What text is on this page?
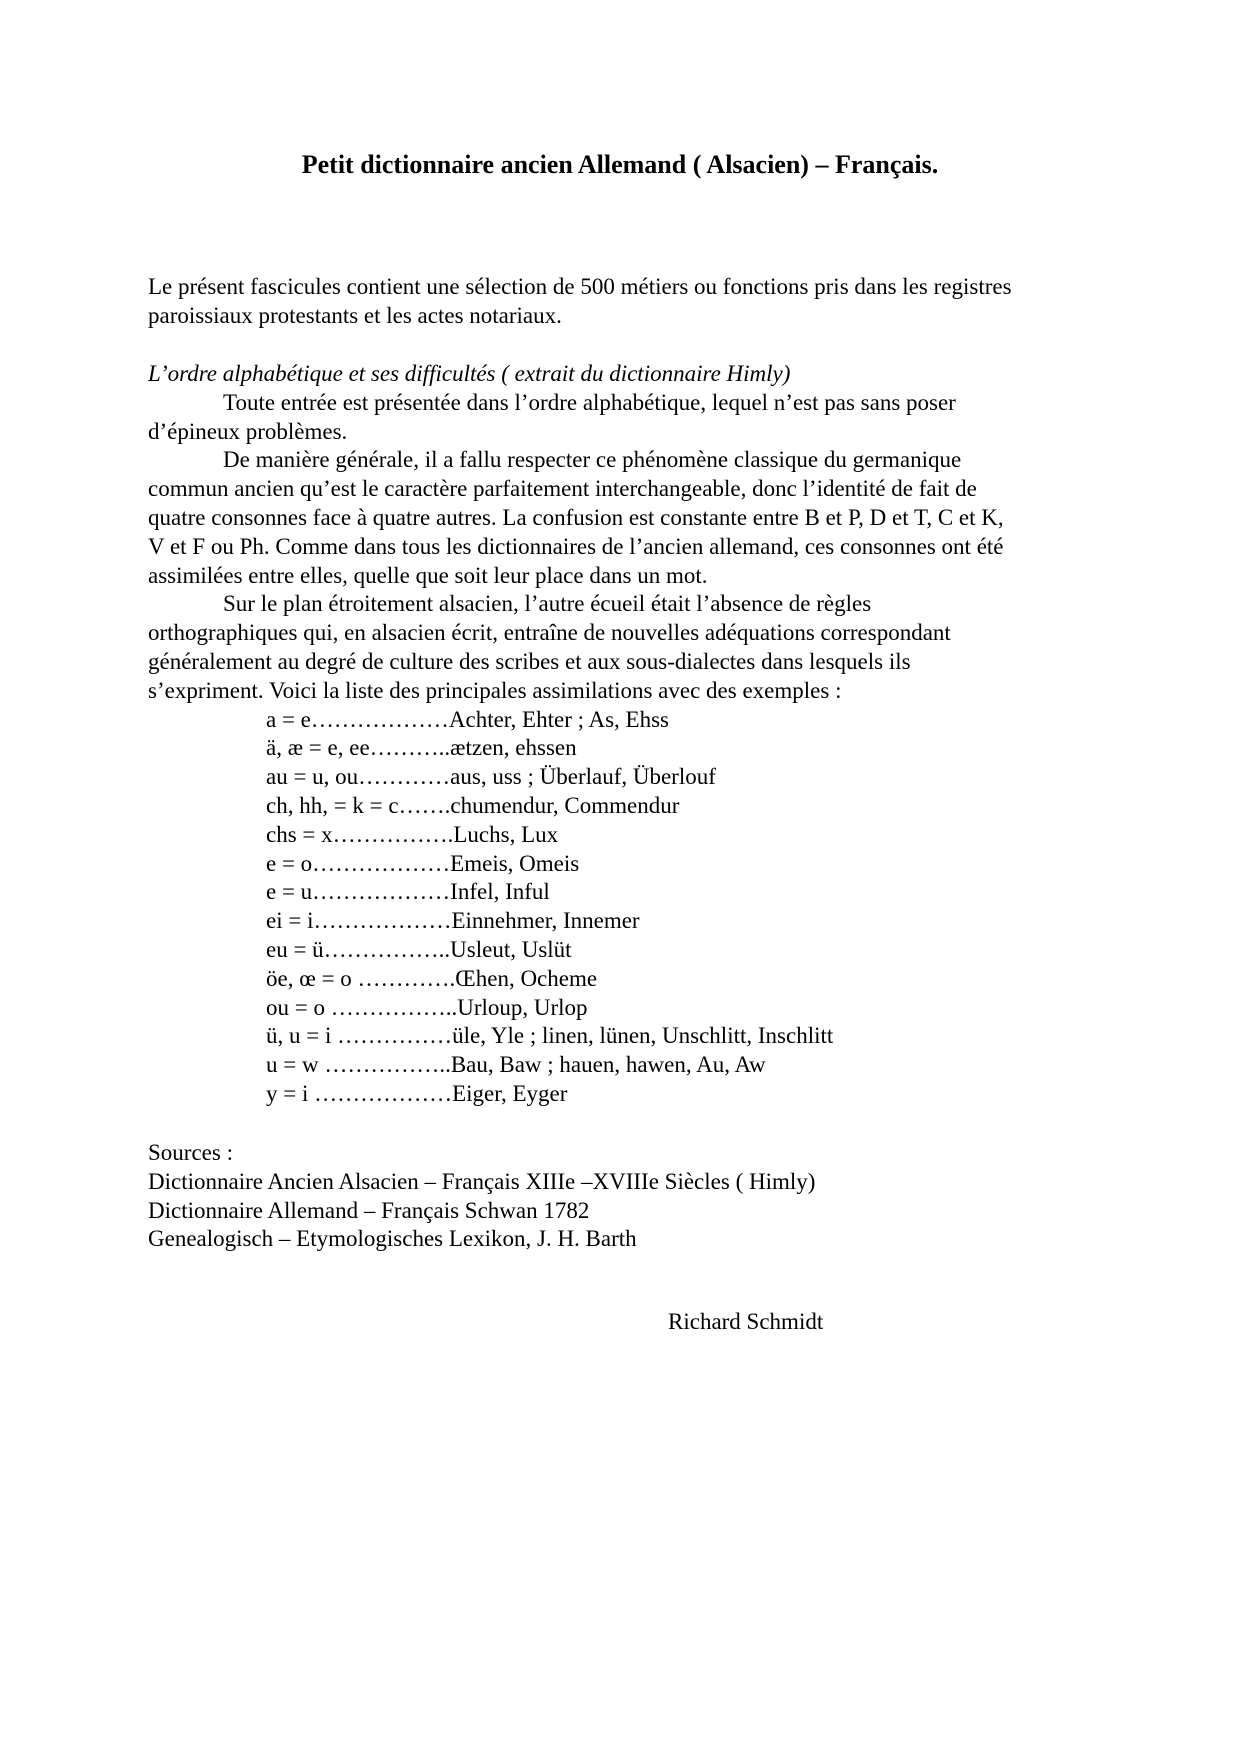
Petit dictionnaire ancien Allemand ( Alsacien) – Français.
Le présent fascicules contient une sélection de 500 métiers ou fonctions pris dans les registres
paroissiaux protestants et les actes notariaux.
L’ordre alphabétique et ses difficultés ( extrait du dictionnaire Himly)
Toute entrée est présentée dans l’ordre alphabétique, lequel n’est pas sans poser
d’épineux problèmes.
De manière générale, il a fallu respecter ce phénomène classique du germanique
commun ancien qu’est le caractère parfaitement interchangeable, donc l’identité de fait de
quatre consonnes face à quatre autres. La confusion est constante entre B et P, D et T, C et K,
V et F ou Ph. Comme dans tous les dictionnaires de l’ancien allemand, ces consonnes ont été
assimilées entre elles, quelle que soit leur place dans un mot.
Sur le plan étroitement alsacien, l’autre écueil était l’absence de règles
orthographiques qui, en alsacien écrit, entraîne de nouvelles adéquations correspondant
généralement au degré de culture des scribes et aux sous-dialectes dans lesquels ils
s’expriment. Voici la liste des principales assimilations avec des exemples :
a = e………………Achter, Ehter ; As, Ehss
ä, æ = e, ee………..ætzen, ehssen
au = u, ou…………aus, uss ; Überlauf, Überlouf
ch, hh, = k = c…….chumendur, Commendur
chs = x…………….Luchs, Lux
e = o………………Emeis, Omeis
e = u………………Infel, Inful
ei = i………………Einnehmer, Innemer
eu = ü……………..Usleut, Uslüt
öe, œ = o ………….Œhen, Ocheme
ou = o ……………..Urloup, Urlop
ü, u = i ……………üle, Yle ; linen, lünen, Unschlitt, Inschlitt
u = w ……………..Bau, Baw ; hauen, hawen, Au, Aw
y = i ………………Eiger, Eyger
Sources :
Dictionnaire Ancien Alsacien – Français XIIIe –XVIIIe Siècles ( Himly)
Dictionnaire Allemand – Français Schwan 1782
Genealogisch – Etymologisches Lexikon, J. H. Barth
Richard Schmidt
